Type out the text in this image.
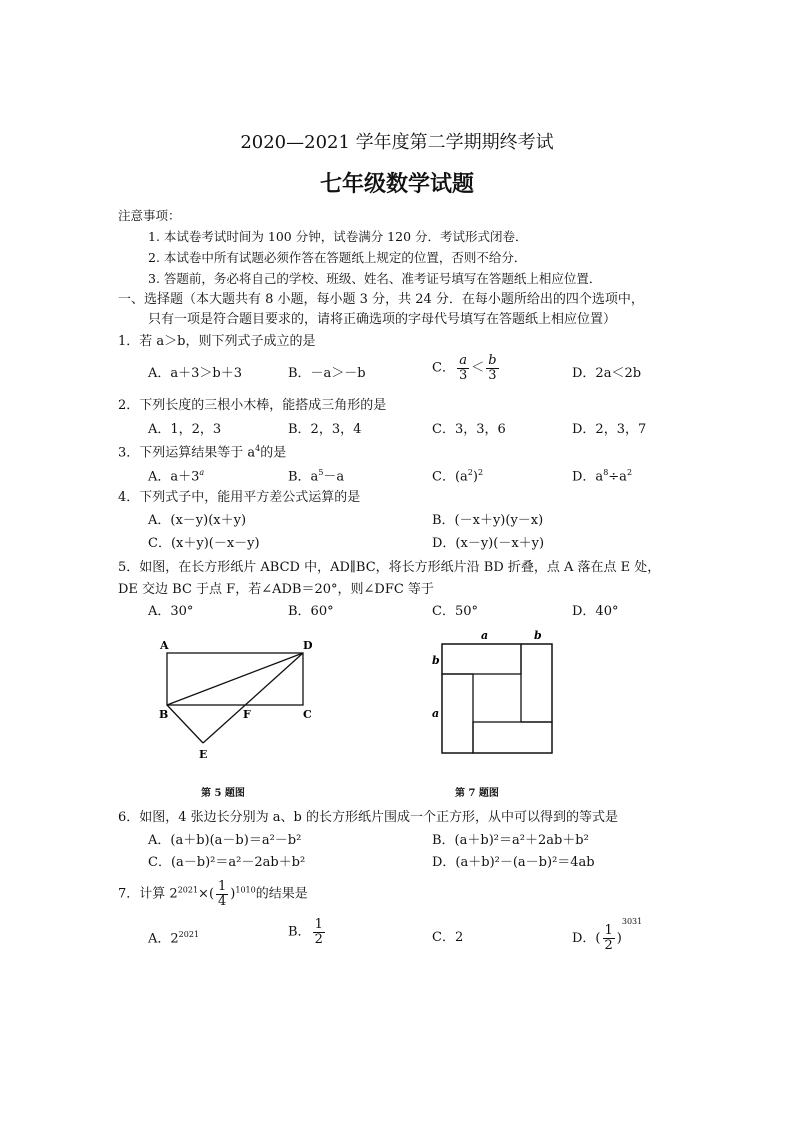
2020—2021 学年度第二学期期终考试
七年级数学试题
注意事项：
1. 本试卷考试时间为 100 分钟，试卷满分 120 分．考试形式闭卷．
2. 本试卷中所有试题必须作答在答题纸上规定的位置，否则不给分．
3. 答题前，务必将自己的学校、班级、姓名、准考证号填写在答题纸上相应位置．
一、选择题（本大题共有 8 小题，每小题 3 分，共 24 分．在每小题所给出的四个选项中，
只有一项是符合题目要求的，请将正确选项的字母代号填写在答题纸上相应位置）
1．若 a＞b，则下列式子成立的是
A．a＋3＞b＋3	B．－a＞－b	C． $\frac{a}{3} < \frac{b}{3}$	D．2a＜2b
2．下列长度的三根小木棒，能搭成三角形的是
A．1，2，3	B．2，3，4	C．3，3，6	D．2，3，7
3．下列运算结果等于 $a^4$的是
A．$a+3^a$	B．$a^5-a$	C．$(a^2)^2$	D．$a^8\div a^2$
4．下列式子中，能用平方差公式运算的是
A．(x－y)(x＋y)	B．(－x＋y)(y－x)
C．(x＋y)(－x－y)	D．(x－y)(－x＋y)
5．如图，在长方形纸片 ABCD 中，AD∥BC，将长方形纸片沿 BD 折叠，点 A 落在点 E 处，
DE 交边 BC 于点 F，若∠ADB＝20°，则∠DFC 等于
A．30°	B．60°	C．50°	D．40°
A	D
B	F	C
E
第 5 题图
a	b
b
a
第 7 题图
6．如图，4 张边长分别为 a、b 的长方形纸片围成一个正方形，从中可以得到的等式是
A．(a＋b)(a－b)＝a²－b²	B．(a＋b)²＝a²＋2ab＋b²
C．(a－b)²＝a²－2ab＋b²	D．(a＋b)²－(a－b)²＝4ab
7．计算 $2^{2021}\times( \frac{1}{4} )^{1010}$的结果是
A．$2^{2021}$	B． $\frac{1}{2}$	C．2	D．( $\frac{1}{2} )^{3031}$
